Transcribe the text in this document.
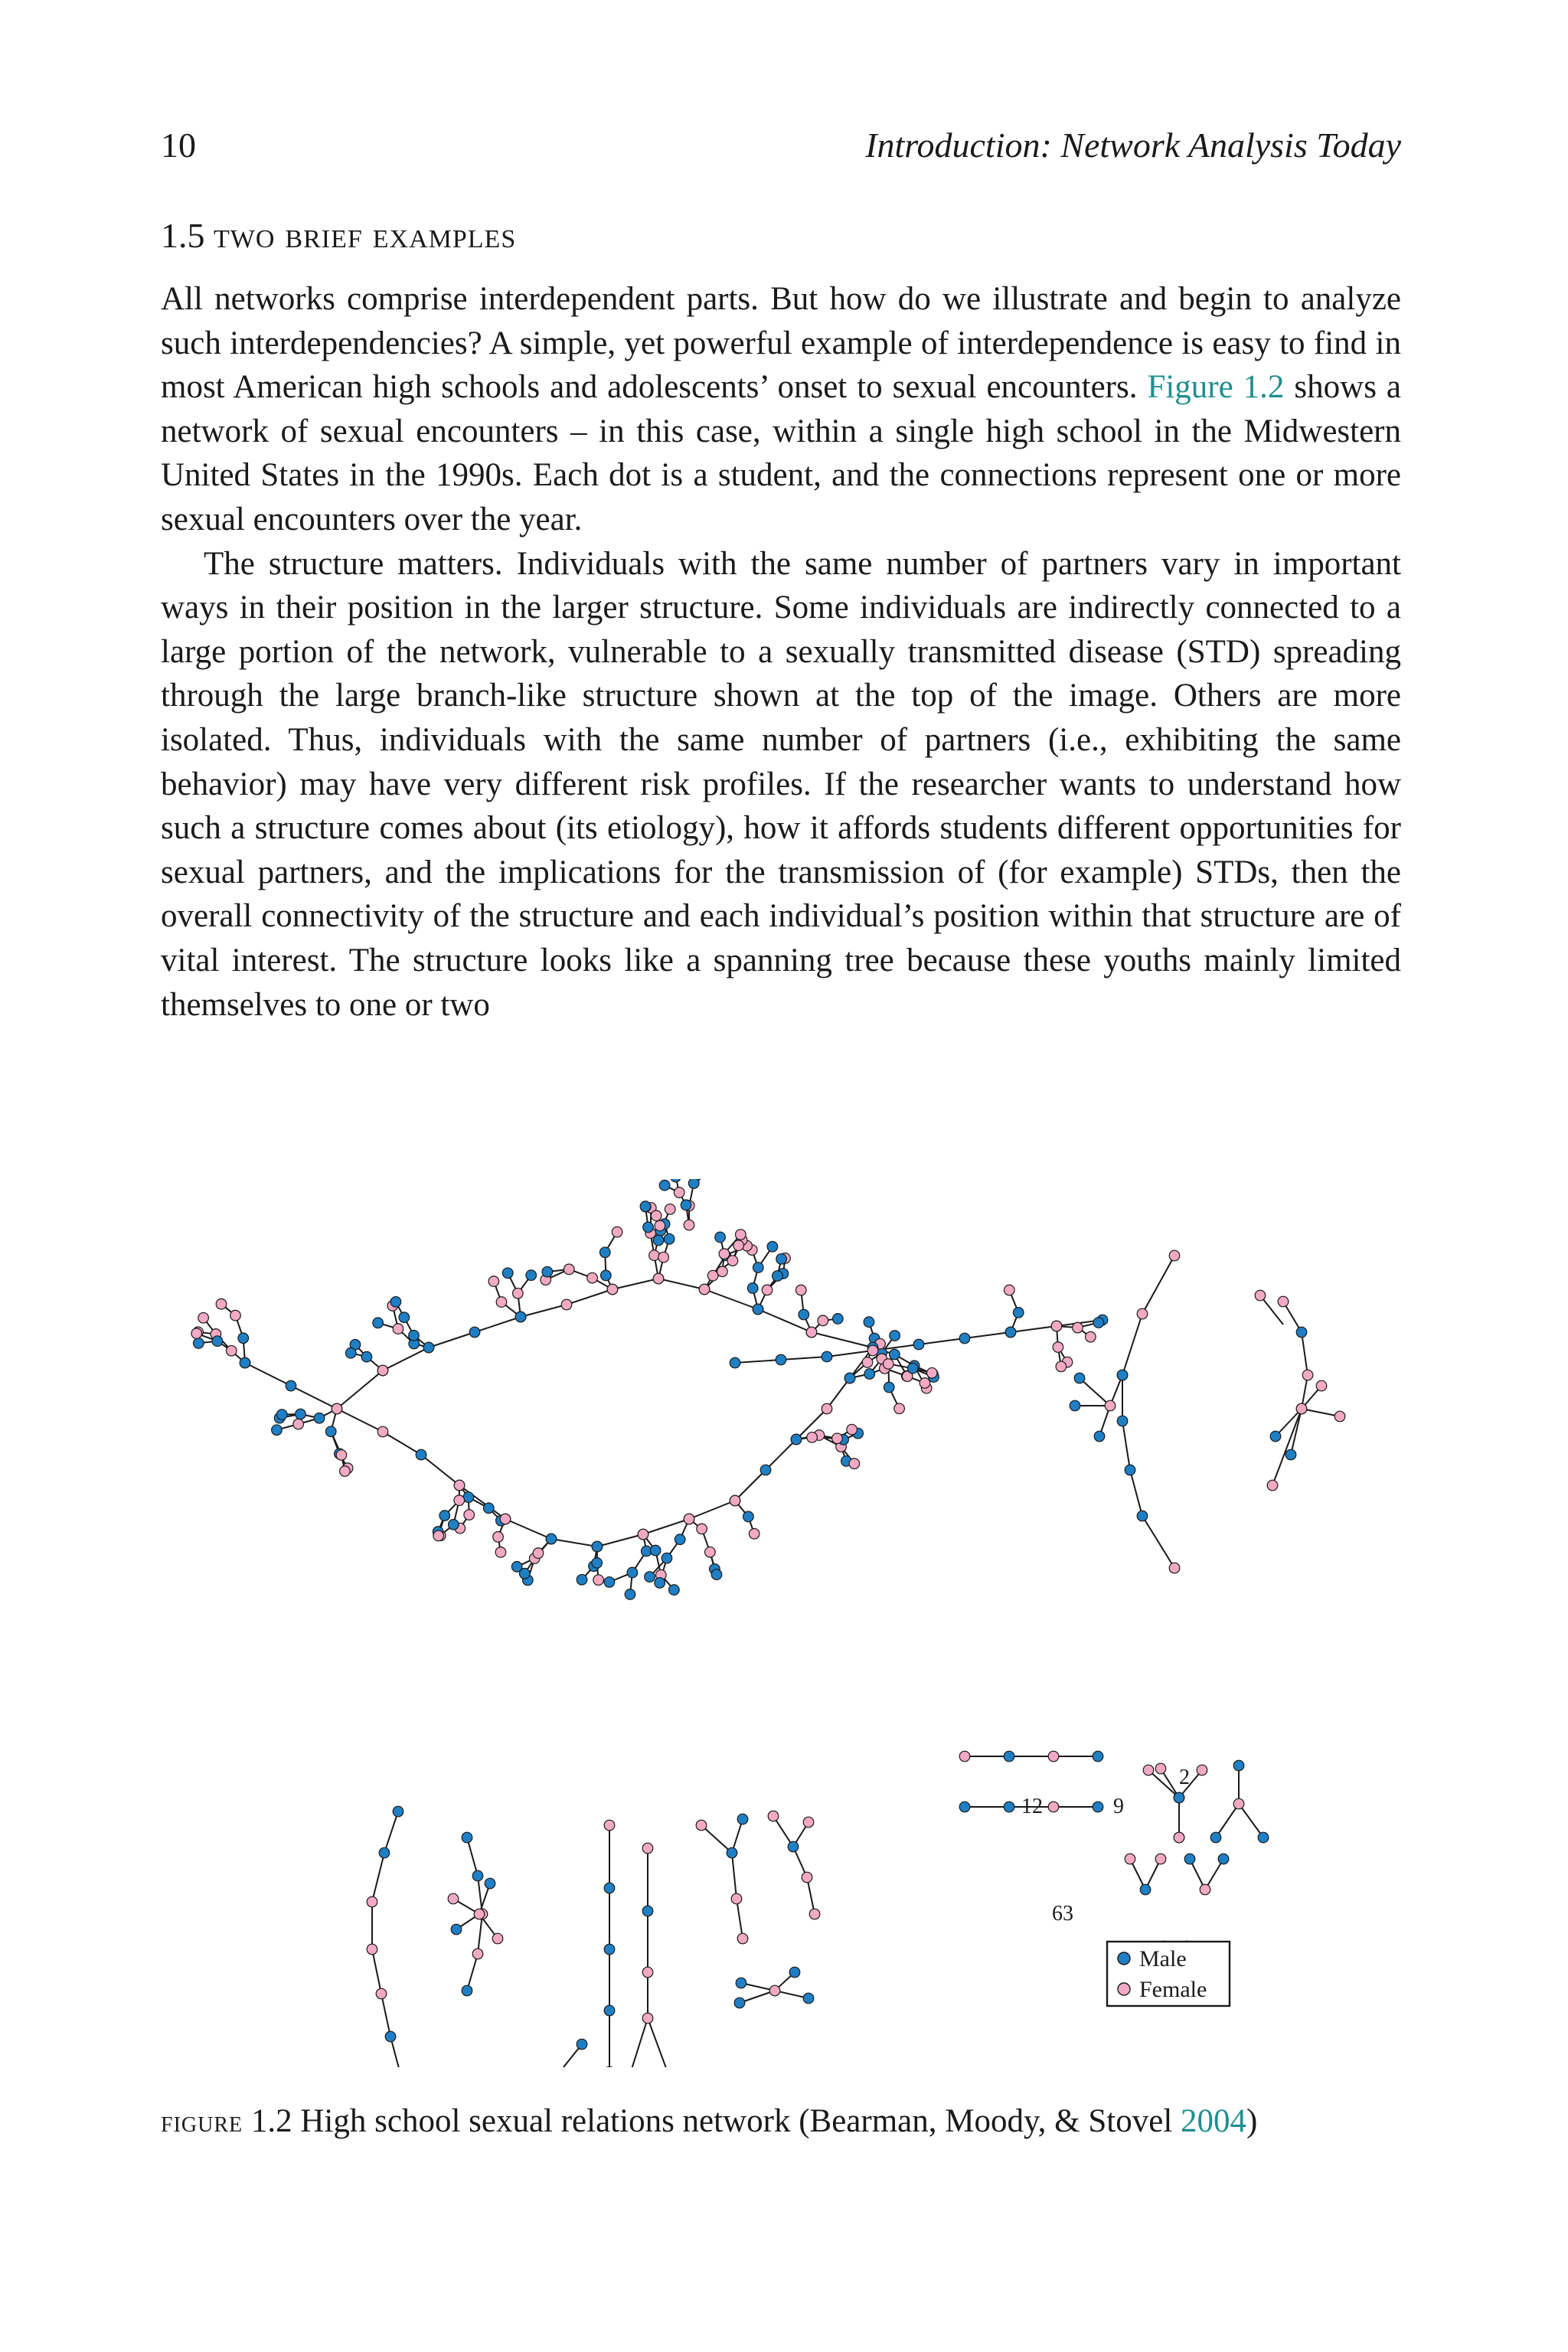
10	Introduction: Network Analysis Today
1.5 two brief examples

All networks comprise interdependent parts. But how do we illustrate and begin to analyze such interdependencies? A simple, yet powerful example of interdependence is easy to find in most American high schools and adolescents’ onset to sexual encounters. Figure 1.2 shows a network of sexual encounters – in this case, within a single high school in the Midwestern United States in the 1990s. Each dot is a student, and the connections represent one or more sexual encounters over the year.

The structure matters. Individuals with the same number of partners vary in important ways in their position in the larger structure. Some individuals are indirectly connected to a large portion of the network, vulnerable to a sexually transmitted disease (STD) spreading through the large branch-like structure shown at the top of the image. Others are more isolated. Thus, individuals with the same number of partners (i.e., exhibiting the same behavior) may have very different risk profiles. If the researcher wants to understand how such a structure comes about (its etiology), how it affords students different opportunities for sexual partners, and the implications for the transmission of (for example) STDs, then the overall connectivity of the structure and each individual’s position within that structure are of vital interest. The structure looks like a spanning tree because these youths mainly limited themselves to one or two

12	9
2
63
Male
Female
figure 1.2 High school sexual relations network (Bearman, Moody, & Stovel 2004)
